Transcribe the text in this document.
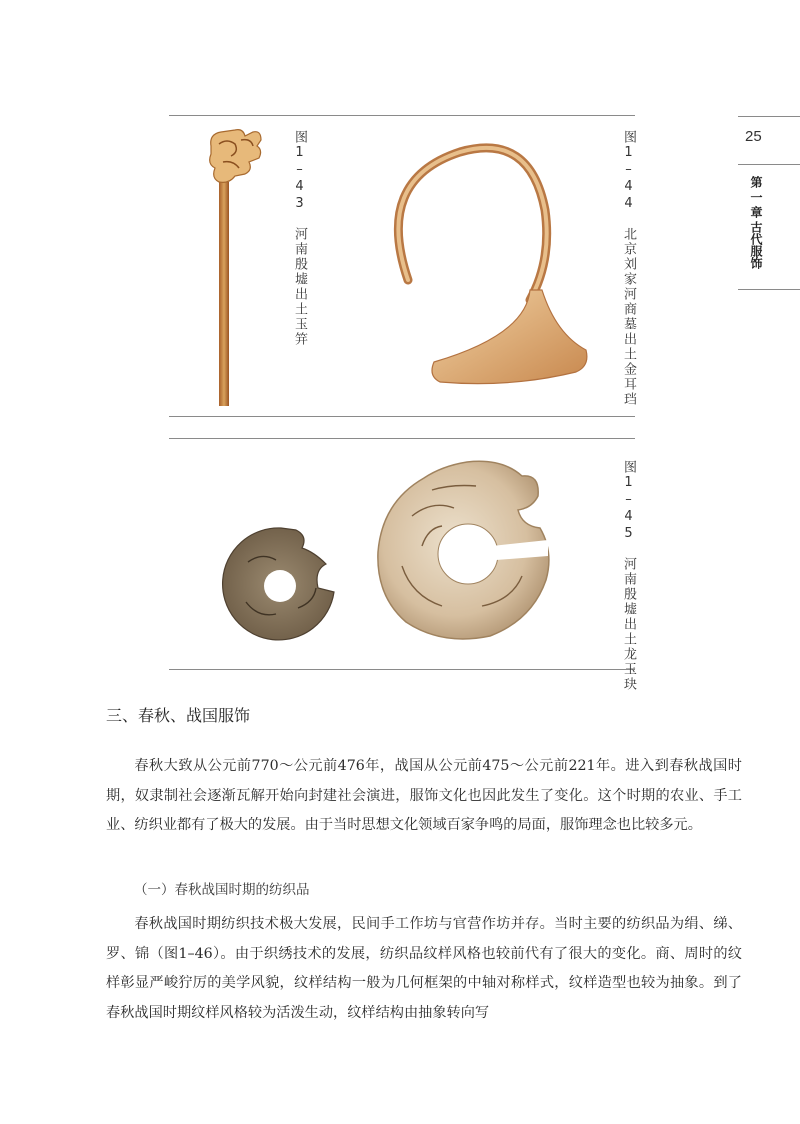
25
第一章古代服饰
图1–43河南殷墟出土玉笄
图1–44北京刘家河商墓出土金耳珰
图1–45河南殷墟出土龙玉玦
三、春秋、战国服饰
春秋大致从公元前770～公元前476年，战国从公元前475～公元前221年。进入到春秋战国时期，奴隶制社会逐渐瓦解开始向封建社会演进，服饰文化也因此发生了变化。这个时期的农业、手工业、纺织业都有了极大的发展。由于当时思想文化领域百家争鸣的局面，服饰理念也比较多元。
（一）春秋战国时期的纺织品
春秋战国时期纺织技术极大发展，民间手工作坊与官营作坊并存。当时主要的纺织品为绢、绨、罗、锦（图1–46）。由于织绣技术的发展，纺织品纹样风格也较前代有了很大的变化。商、周时的纹样彰显严峻狞厉的美学风貌，纹样结构一般为几何框架的中轴对称样式，纹样造型也较为抽象。到了春秋战国时期纹样风格较为活泼生动，纹样结构由抽象转向写
